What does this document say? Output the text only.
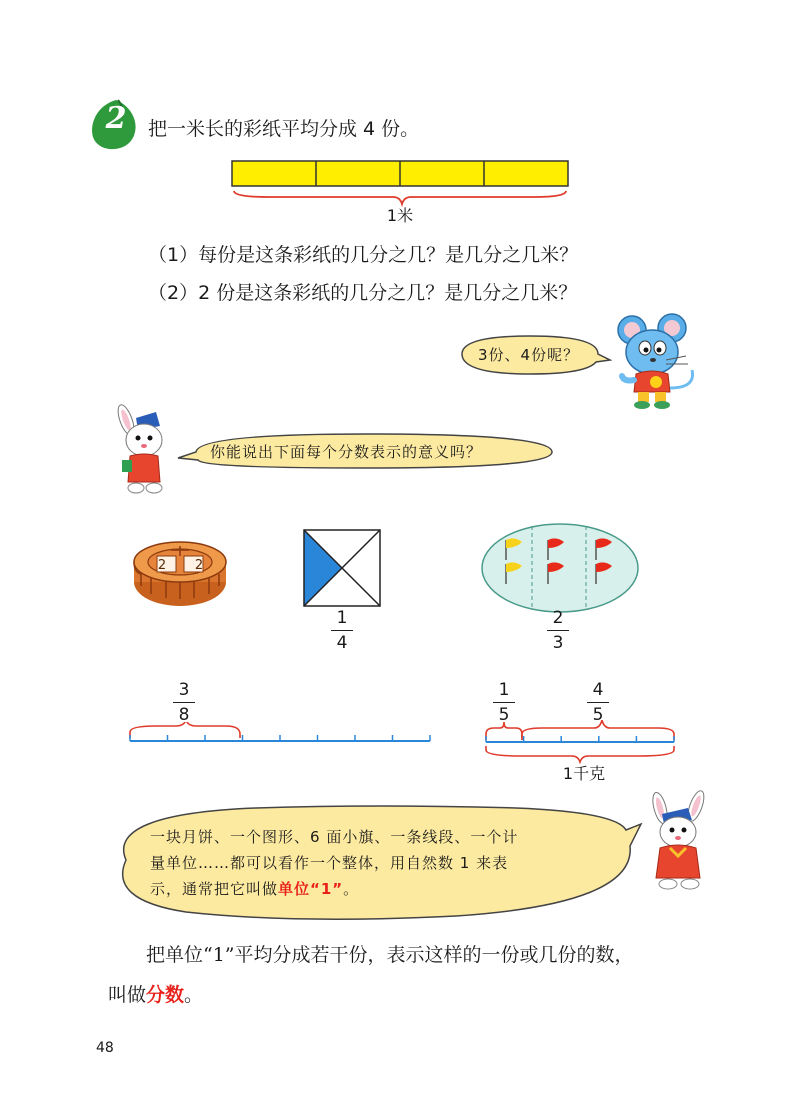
2 把一米长的彩纸平均分成 4 份。
1米
（1）每份是这条彩纸的几分之几？是几分之几米？
（2）2 份是这条彩纸的几分之几？是几分之几米？
3份、4份呢？
你能说出下面每个分数表示的意义吗？
2 2
1
4
2
3
3
8
1
5
4
5
1千克
一块月饼、一个图形、6 面小旗、一条线段、一个计
量单位……都可以看作一个整体，用自然数 1 来表
示，通常把它叫做单位“1”。
把单位“1”平均分成若干份，表示这样的一份或几份的数，
叫做分数。
48
